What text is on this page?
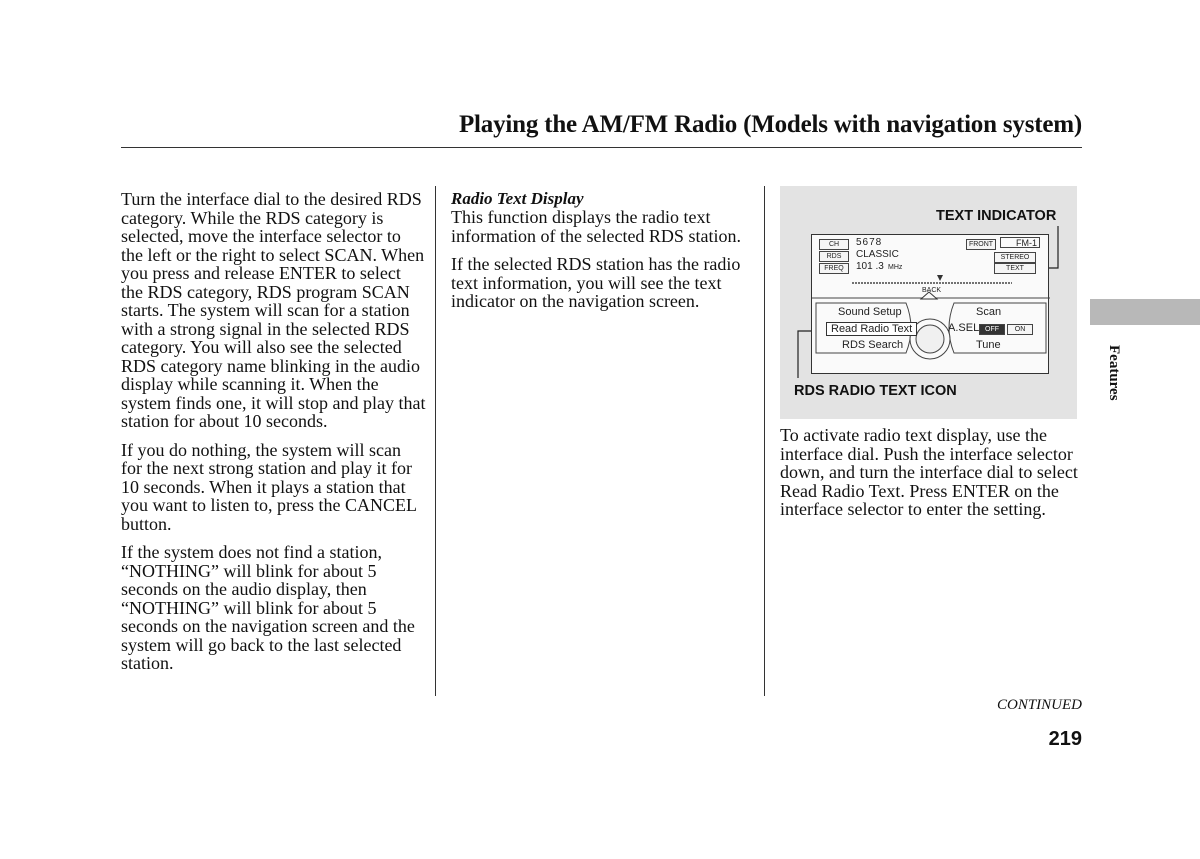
Playing the AM/FM Radio (Models with navigation system)

Turn the interface dial to the desired RDS category. While the RDS category is selected, move the interface selector to the left or the right to select SCAN. When you press and release ENTER to select the RDS category, RDS program SCAN starts. The system will scan for a station with a strong signal in the selected RDS category. You will also see the selected RDS category name blinking in the audio display while scanning it. When the system finds one, it will stop and play that station for about 10 seconds.

If you do nothing, the system will scan for the next strong station and play it for 10 seconds. When it plays a station that you want to listen to, press the CANCEL button.

If the system does not find a station, “NOTHING” will blink for about 5 seconds on the audio display, then “NOTHING” will blink for about 5 seconds on the navigation screen and the system will go back to the last selected station.

Radio Text Display

This function displays the radio text information of the selected RDS station.

If the selected RDS station has the radio text information, you will see the text indicator on the navigation screen.

TEXT INDICATOR
RDS RADIO TEXT ICON
CH	5678
RDS	CLASSIC
FREQ	101 .3 MHz
FRONT	FM-1
STEREO
TEXT
BACK
Sound Setup	Scan
Read Radio Text	A.SEL OFF	ON
RDS Search	Tune

To activate radio text display, use the interface dial. Push the interface selector down, and turn the interface dial to select Read Radio Text. Press ENTER on the interface selector to enter the setting.

Features
CONTINUED
219
